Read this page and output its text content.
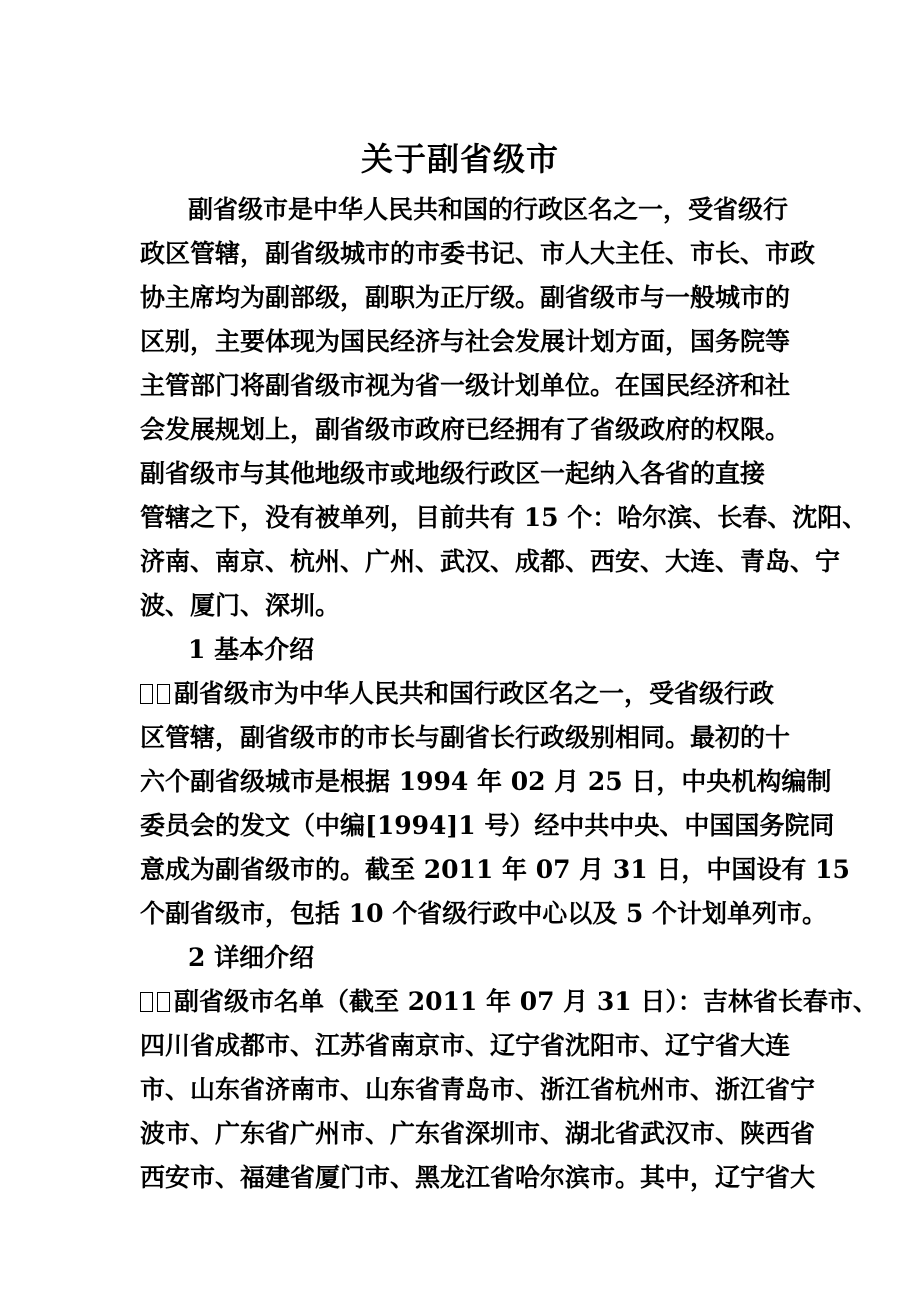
关于副省级市
副省级市是中华人民共和国的行政区名之一，受省级行
政区管辖，副省级城市的市委书记、市人大主任、市长、市政
协主席均为副部级，副职为正厅级。副省级市与一般城市的
区别，主要体现为国民经济与社会发展计划方面，国务院等
主管部门将副省级市视为省一级计划单位。在国民经济和社
会发展规划上，副省级市政府已经拥有了省级政府的权限。
副省级市与其他地级市或地级行政区一起纳入各省的直接
管辖之下，没有被单列，目前共有 15 个：哈尔滨、长春、沈阳、
济南、南京、杭州、广州、武汉、成都、西安、大连、青岛、宁
波、厦门、深圳。
1 基本介绍
副省级市为中华人民共和国行政区名之一，受省级行政
区管辖，副省级市的市长与副省长行政级别相同。最初的十
六个副省级城市是根据 1994 年 02 月 25 日，中央机构编制
委员会的发文（中编[1994]1 号）经中共中央、中国国务院同
意成为副省级市的。截至 2011 年 07 月 31 日，中国设有 15
个副省级市，包括 10 个省级行政中心以及 5 个计划单列市。
2 详细介绍
副省级市名单（截至 2011 年 07 月 31 日）：吉林省长春市、
四川省成都市、江苏省南京市、辽宁省沈阳市、辽宁省大连
市、山东省济南市、山东省青岛市、浙江省杭州市、浙江省宁
波市、广东省广州市、广东省深圳市、湖北省武汉市、陕西省
西安市、福建省厦门市、黑龙江省哈尔滨市。其中，辽宁省大
